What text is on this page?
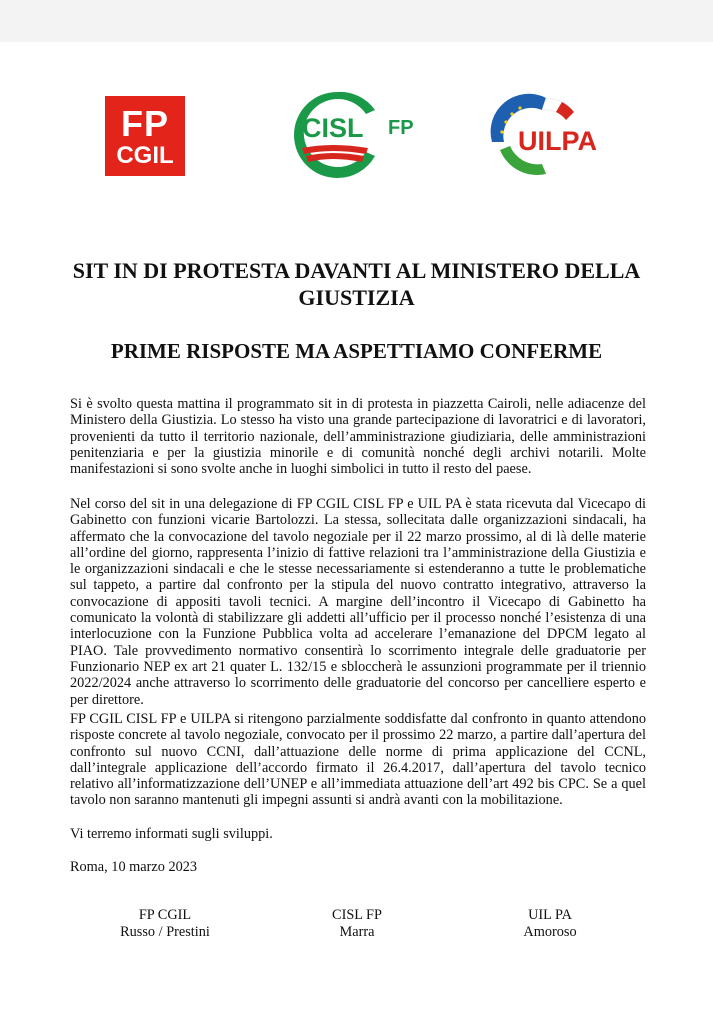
FP
CGIL
CISL FP	UILPA
SIT IN DI PROTESTA DAVANTI AL MINISTERO DELLA GIUSTIZIA
PRIME RISPOSTE MA ASPETTIAMO CONFERME

Si è svolto questa mattina il programmato sit in di protesta in piazzetta Cairoli, nelle adiacenze del Ministero della Giustizia. Lo stesso ha visto una grande partecipazione di lavoratrici e di lavoratori, provenienti da tutto il territorio nazionale, dell’amministrazione giudiziaria, delle amministrazioni penitenziaria e per la giustizia minorile e di comunità nonché degli archivi notarili. Molte manifestazioni si sono svolte anche in luoghi simbolici in tutto il resto del paese.

Nel corso del sit in una delegazione di FP CGIL CISL FP e UIL PA è stata ricevuta dal Vicecapo di Gabinetto con funzioni vicarie Bartolozzi. La stessa, sollecitata dalle organizzazioni sindacali, ha affermato che la convocazione del tavolo negoziale per il 22 marzo prossimo, al di là delle materie all’ordine del giorno, rappresenta l’inizio di fattive relazioni tra l’amministrazione della Giustizia e le organizzazioni sindacali e che le stesse necessariamente si estenderanno a tutte le problematiche sul tappeto, a partire dal confronto per la stipula del nuovo contratto integrativo, attraverso la convocazione di appositi tavoli tecnici. A margine dell’incontro il Vicecapo di Gabinetto ha comunicato la volontà di stabilizzare gli addetti all’ufficio per il processo nonché l’esistenza di una interlocuzione con la Funzione Pubblica volta ad accelerare l’emanazione del DPCM legato al PIAO. Tale provvedimento normativo consentirà lo scorrimento integrale delle graduatorie per Funzionario NEP ex art 21 quater L. 132/15 e sbloccherà le assunzioni programmate per il triennio 2022/2024 anche attraverso lo scorrimento delle graduatorie del concorso per cancelliere esperto e per direttore.

FP CGIL CISL FP e UILPA si ritengono parzialmente soddisfatte dal confronto in quanto attendono risposte concrete al tavolo negoziale, convocato per il prossimo 22 marzo, a partire dall’apertura del confronto sul nuovo CCNI, dall’attuazione delle norme di prima applicazione del CCNL, dall’integrale applicazione dell’accordo firmato il 26.4.2017, dall’apertura del tavolo tecnico relativo all’informatizzazione dell’UNEP e all’immediata attuazione dell’art 492 bis CPC. Se a quel tavolo non saranno mantenuti gli impegni assunti si andrà avanti con la mobilitazione.

Vi terremo informati sugli sviluppi.

Roma, 10 marzo 2023

FP CGIL
Russo / Prestini
CISL FP
Marra
UIL PA
Amoroso
